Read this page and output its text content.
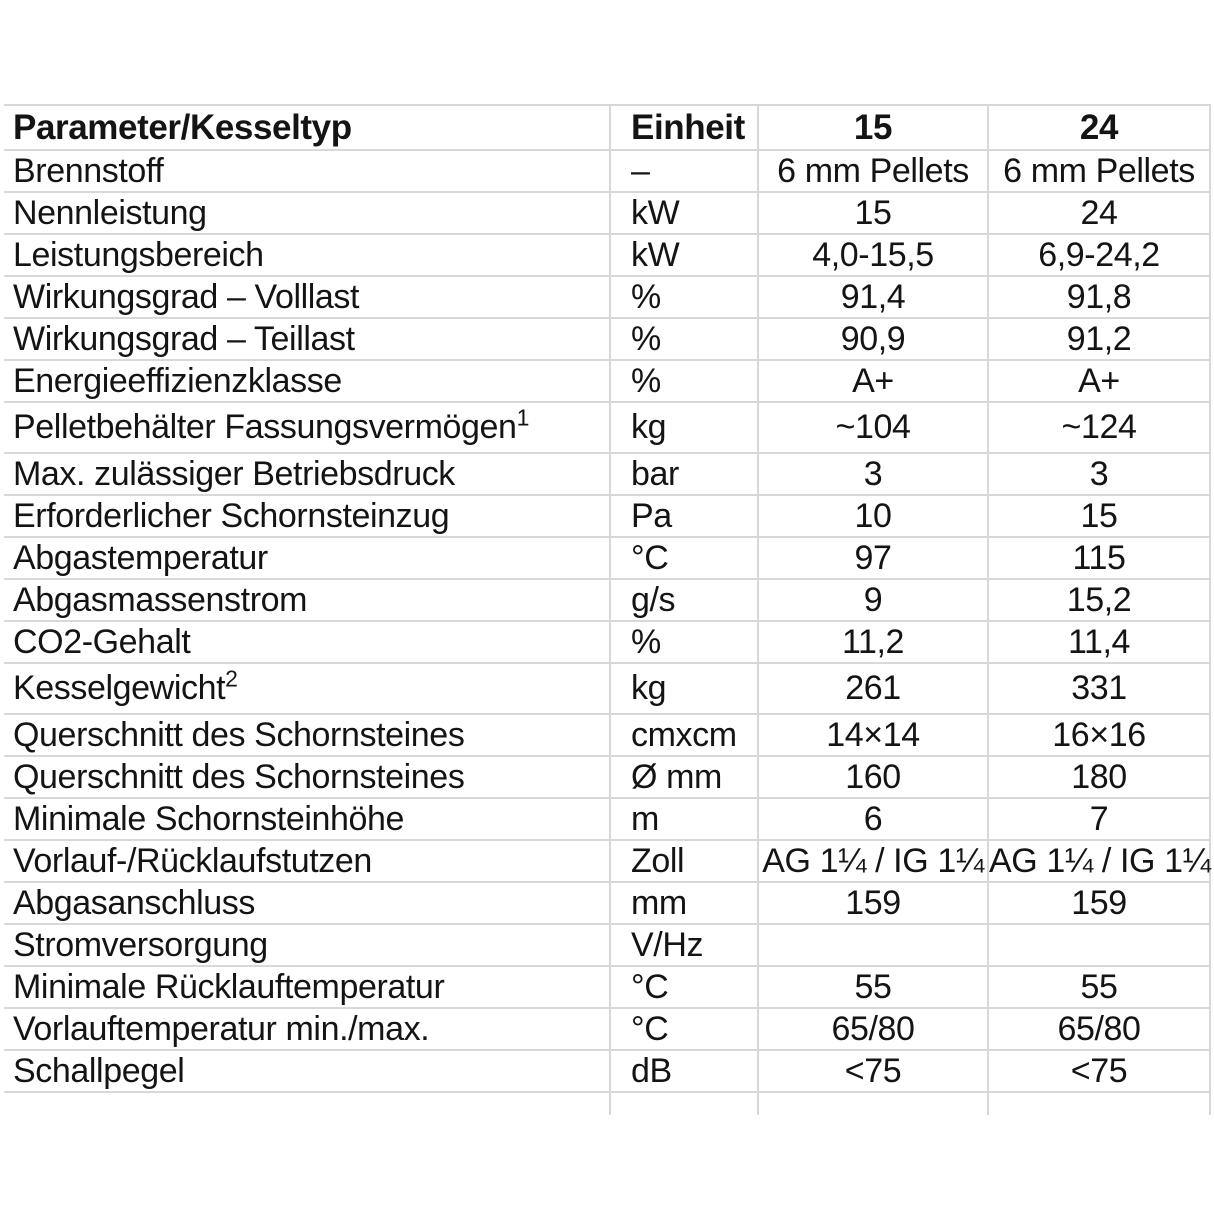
Parameter/Kesseltyp	Einheit	15	24
Brennstoff	–	6 mm Pellets	6 mm Pellets
Nennleistung	kW	15	24
Leistungsbereich	kW	4,0-15,5	6,9-24,2
Wirkungsgrad – Volllast	%	91,4	91,8
Wirkungsgrad – Teillast	%	90,9	91,2
Energieeffizienzklasse	%	A+	A+
Pelletbehälter Fassungsvermögen$^1$	kg	~104	~124
Max. zulässiger Betriebsdruck	bar	3	3
Erforderlicher Schornsteinzug	Pa	10	15
Abgastemperatur	°C	97	115
Abgasmassenstrom	g/s	9	15,2
CO2-Gehalt	%	11,2	11,4
Kesselgewicht$^2$	kg	261	331
Querschnitt des Schornsteines	cmxcm	14×14	16×16
Querschnitt des Schornsteines	Ø mm	160	180
Minimale Schornsteinhöhe	m	6	7
Vorlauf-/Rücklaufstutzen	Zoll	AG 1¼ / IG 1¼	AG 1¼ / IG 1¼
Abgasanschluss	mm	159	159
Stromversorgung	V/Hz		
Minimale Rücklauftemperatur	°C	55	55
Vorlauftemperatur min./max.	°C	65/80	65/80
Schallpegel	dB	<75	<75
